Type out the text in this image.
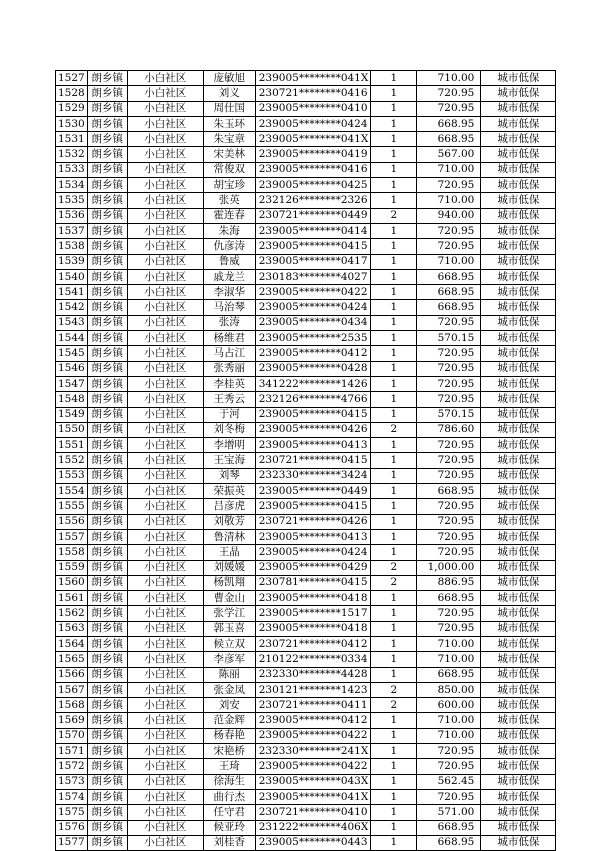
1527	朗乡镇	小白社区	庞敏旭	239005********041X	1	710.00	城市低保
1528	朗乡镇	小白社区	刘义	230721********0416	1	720.95	城市低保
1529	朗乡镇	小白社区	周仕国	239005********0410	1	720.95	城市低保
1530	朗乡镇	小白社区	朱玉环	239005********0424	1	668.95	城市低保
1531	朗乡镇	小白社区	朱宝章	239005********041X	1	668.95	城市低保
1532	朗乡镇	小白社区	宋美林	239005********0419	1	567.00	城市低保
1533	朗乡镇	小白社区	常俊双	239005********0416	1	710.00	城市低保
1534	朗乡镇	小白社区	胡宝珍	239005********0425	1	720.95	城市低保
1535	朗乡镇	小白社区	张英	232126********2326	1	710.00	城市低保
1536	朗乡镇	小白社区	霍连春	230721********0449	2	940.00	城市低保
1537	朗乡镇	小白社区	朱海	239005********0414	1	720.95	城市低保
1538	朗乡镇	小白社区	仇彦涛	239005********0415	1	720.95	城市低保
1539	朗乡镇	小白社区	鲁威	239005********0417	1	710.00	城市低保
1540	朗乡镇	小白社区	戚龙兰	230183********4027	1	668.95	城市低保
1541	朗乡镇	小白社区	李淑华	239005********0422	1	668.95	城市低保
1542	朗乡镇	小白社区	马治琴	239005********0424	1	668.95	城市低保
1543	朗乡镇	小白社区	张涛	239005********0434	1	720.95	城市低保
1544	朗乡镇	小白社区	杨维君	239005********2535	1	570.15	城市低保
1545	朗乡镇	小白社区	马占江	239005********0412	1	720.95	城市低保
1546	朗乡镇	小白社区	张秀丽	239005********0428	1	720.95	城市低保
1547	朗乡镇	小白社区	李桂英	341222********1426	1	720.95	城市低保
1548	朗乡镇	小白社区	王秀云	232126********4766	1	720.95	城市低保
1549	朗乡镇	小白社区	于河	239005********0415	1	570.15	城市低保
1550	朗乡镇	小白社区	刘冬梅	239005********0426	2	786.60	城市低保
1551	朗乡镇	小白社区	李增明	239005********0413	1	720.95	城市低保
1552	朗乡镇	小白社区	王宝海	230721********0415	1	720.95	城市低保
1553	朗乡镇	小白社区	刘琴	232330********3424	1	720.95	城市低保
1554	朗乡镇	小白社区	荣振英	239005********0449	1	668.95	城市低保
1555	朗乡镇	小白社区	吕彦虎	239005********0415	1	720.95	城市低保
1556	朗乡镇	小白社区	刘敬芳	230721********0426	1	720.95	城市低保
1557	朗乡镇	小白社区	鲁清林	239005********0413	1	720.95	城市低保
1558	朗乡镇	小白社区	王晶	239005********0424	1	720.95	城市低保
1559	朗乡镇	小白社区	刘媛媛	239005********0429	2	1,000.00	城市低保
1560	朗乡镇	小白社区	杨凯翔	230781********0415	2	886.95	城市低保
1561	朗乡镇	小白社区	曹金山	239005********0418	1	668.95	城市低保
1562	朗乡镇	小白社区	张学江	239005********1517	1	720.95	城市低保
1563	朗乡镇	小白社区	郭玉喜	239005********0418	1	720.95	城市低保
1564	朗乡镇	小白社区	候立双	230721********0412	1	710.00	城市低保
1565	朗乡镇	小白社区	李彦军	210122********0334	1	710.00	城市低保
1566	朗乡镇	小白社区	陈丽	232330********4428	1	668.95	城市低保
1567	朗乡镇	小白社区	张金凤	230121********1423	2	850.00	城市低保
1568	朗乡镇	小白社区	刘安	230721********0411	2	600.00	城市低保
1569	朗乡镇	小白社区	范金辉	239005********0412	1	710.00	城市低保
1570	朗乡镇	小白社区	杨春艳	239005********0422	1	710.00	城市低保
1571	朗乡镇	小白社区	宋艳桥	232330********241X	1	720.95	城市低保
1572	朗乡镇	小白社区	王琦	239005********0422	1	720.95	城市低保
1573	朗乡镇	小白社区	徐海生	239005********043X	1	562.45	城市低保
1574	朗乡镇	小白社区	曲行杰	239005********041X	1	720.95	城市低保
1575	朗乡镇	小白社区	任守君	230721********0410	1	571.00	城市低保
1576	朗乡镇	小白社区	候亚玲	231222********406X	1	668.95	城市低保
1577	朗乡镇	小白社区	刘桂香	239005********0443	1	668.95	城市低保
